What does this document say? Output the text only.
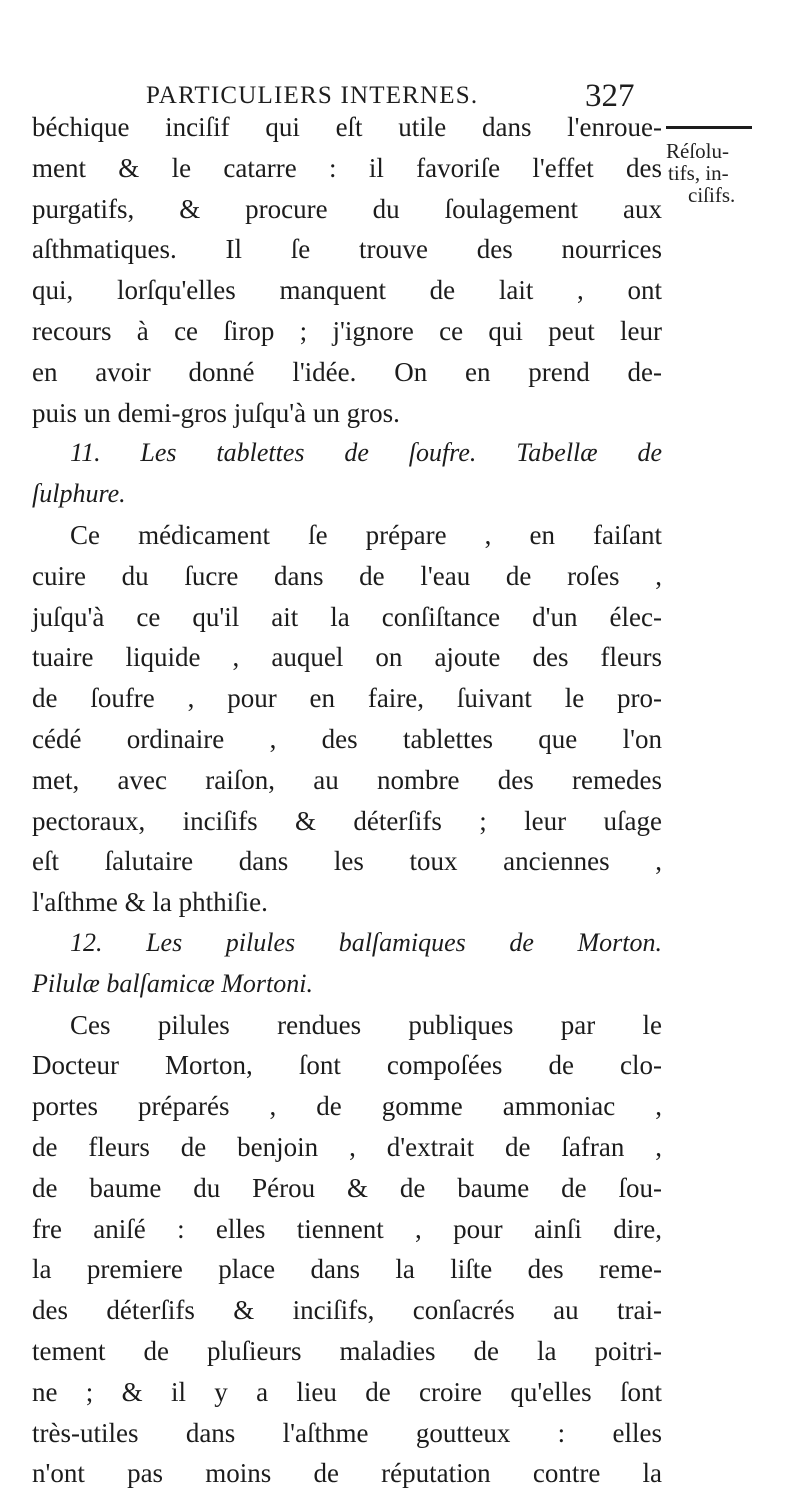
PARTICULIERS INTERNES.	327
Réſolu-
tifs, in-
ciſifs.
béchique inciſif qui eſt utile dans l'enroue-
ment & le catarre : il favoriſe l'effet des
purgatifs, & procure du ſoulagement aux
aſthmatiques. Il ſe trouve des nourrices
qui, lorſqu'elles manquent de lait , ont
recours à ce ſirop ; j'ignore ce qui peut leur
en avoir donné l'idée. On en prend de-
puis un demi-gros juſqu'à un gros.
11. Les tablettes de ſoufre. Tabellæ de
ſulphure.
Ce médicament ſe prépare , en faiſant
cuire du ſucre dans de l'eau de roſes ,
juſqu'à ce qu'il ait la conſiſtance d'un élec-
tuaire liquide , auquel on ajoute des fleurs
de ſoufre , pour en faire, ſuivant le pro-
cédé ordinaire , des tablettes que l'on
met, avec raiſon, au nombre des remedes
pectoraux, inciſifs & déterſifs ; leur uſage
eſt ſalutaire dans les toux anciennes ,
l'aſthme & la phthiſie.
12. Les pilules balſamiques de Morton.
Pilulæ balſamicæ Mortoni.
Ces pilules rendues publiques par le
Docteur Morton, ſont compoſées de clo-
portes préparés , de gomme ammoniac ,
de fleurs de benjoin , d'extrait de ſafran ,
de baume du Pérou & de baume de ſou-
fre aniſé : elles tiennent , pour ainſi dire,
la premiere place dans la liſte des reme-
des déterſifs & inciſifs, conſacrés au trai-
tement de pluſieurs maladies de la poitri-
ne ; & il y a lieu de croire qu'elles ſont
très-utiles dans l'aſthme goutteux : elles
n'ont pas moins de réputation contre la
